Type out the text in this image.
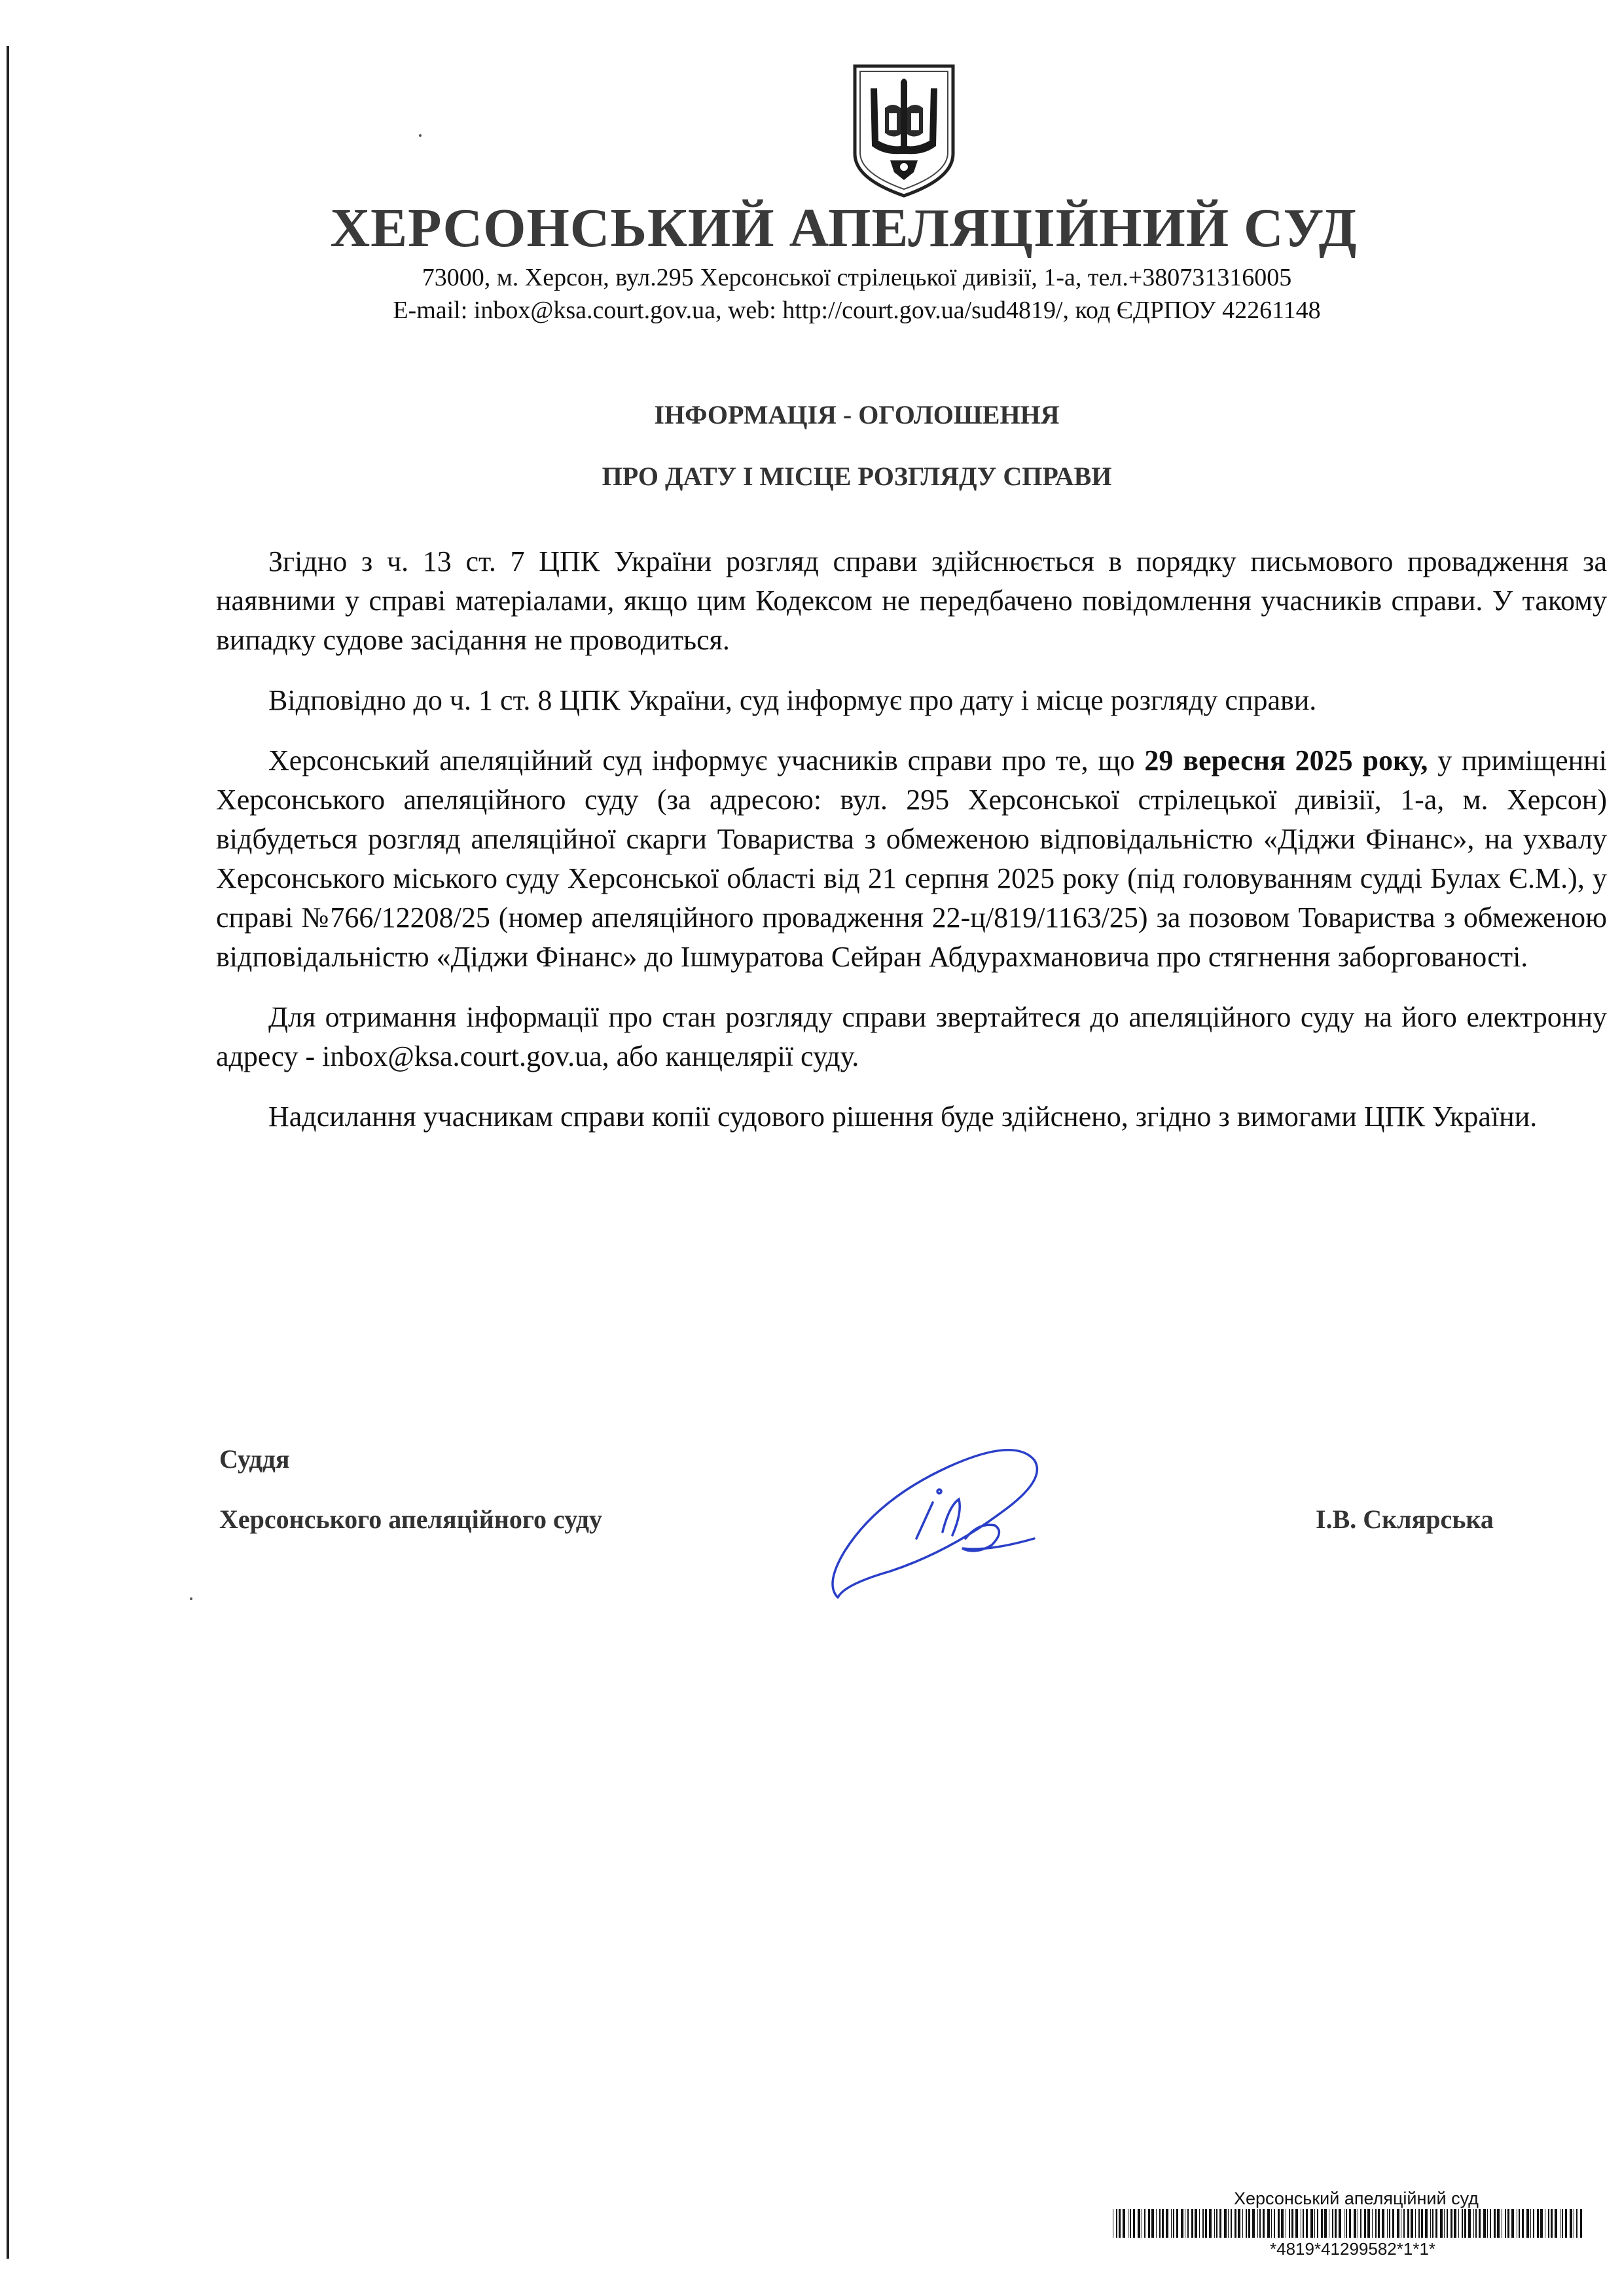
ХЕРСОНСЬКИЙ АПЕЛЯЦІЙНИЙ СУД
73000, м. Херсон, вул.295 Херсонської стрілецької дивізії, 1-а, тел.+380731316005
E-mail: inbox@ksa.court.gov.ua, web: http://court.gov.ua/sud4819/, код ЄДРПОУ 42261148
ІНФОРМАЦІЯ - ОГОЛОШЕННЯ
ПРО ДАТУ І МІСЦЕ РОЗГЛЯДУ СПРАВИ

Згідно з ч. 13 ст. 7 ЦПК України розгляд справи здійснюється в порядку письмового провадження за наявними у справі матеріалами, якщо цим Кодексом не передбачено повідомлення учасників справи. У такому випадку судове засідання не проводиться.

Відповідно до ч. 1 ст. 8 ЦПК України, суд інформує про дату і місце розгляду справи.

Херсонський апеляційний суд інформує учасників справи про те, що 29 вересня 2025 року, у приміщенні Херсонського апеляційного суду (за адресою: вул. 295 Херсонської стрілецької дивізії, 1-а, м. Херсон) відбудеться розгляд апеляційної скарги Товариства з обмеженою відповідальністю «Діджи Фінанс», на ухвалу Херсонського міського суду Херсонської області від 21 серпня 2025 року (під головуванням судді Булах Є.М.), у справі №766/12208/25 (номер апеляційного провадження 22-ц/819/1163/25) за позовом Товариства з обмеженою відповідальністю «Діджи Фінанс» до Ішмуратова Сейран Абдурахмановича про стягнення заборгованості.

Для отримання інформації про стан розгляду справи звертайтеся до апеляційного суду на його електронну адресу - inbox@ksa.court.gov.ua, або канцелярії суду.

Надсилання учасникам справи копії судового рішення буде здійснено, згідно з вимогами ЦПК України.

Суддя
Херсонського апеляційного суду	І.В. Склярська
Херсонський апеляційний суд
*4819*41299582*1*1*
